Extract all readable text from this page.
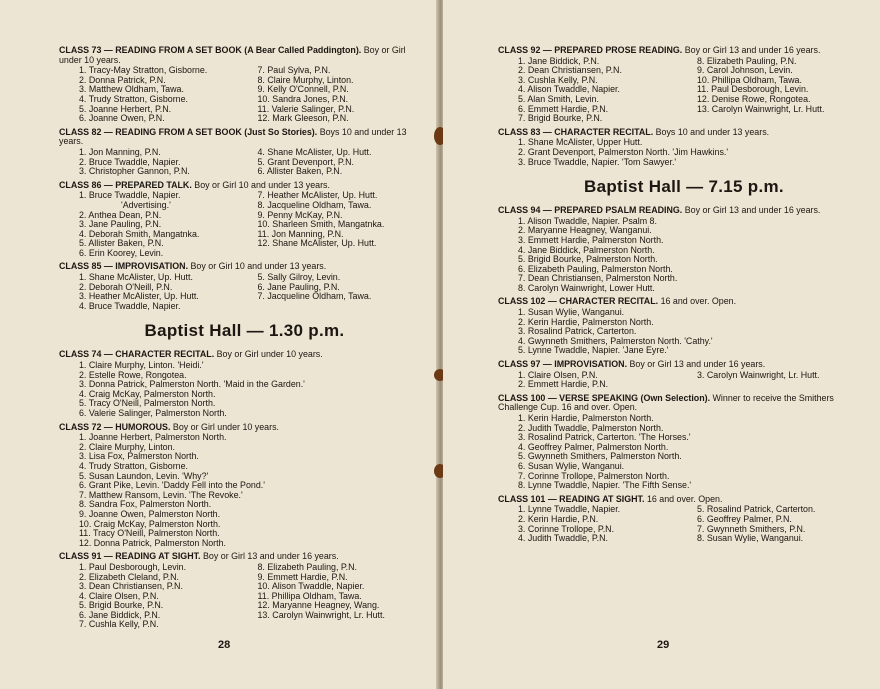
CLASS 73 — READING FROM A SET BOOK (A Bear Called Paddington). Boy or Girl under 10 years.
1. Tracy-May Stratton, Gisborne.
2. Donna Patrick, P.N.
3. Matthew Oldham, Tawa.
4. Trudy Stratton, Gisborne.
5. Joanne Herbert, P.N.
6. Joanne Owen, P.N.
7. Paul Sylva, P.N.
8. Claire Murphy, Linton.
9. Kelly O'Connell, P.N.
10. Sandra Jones, P.N.
11. Valerie Salinger, P.N.
12. Mark Gleeson, P.N.
CLASS 82 — READING FROM A SET BOOK (Just So Stories). Boys 10 and under 13 years.
1. Jon Manning, P.N.
2. Bruce Twaddle, Napier.
3. Christopher Gannon, P.N.
4. Shane McAlister, Up. Hutt.
5. Grant Devenport, P.N.
6. Allister Baken, P.N.
CLASS 86 — PREPARED TALK. Boy or Girl 10 and under 13 years.
1. Bruce Twaddle, Napier.
'Advertising.'
2. Anthea Dean, P.N.
3. Jane Pauling, P.N.
4. Deborah Smith, Mangatnka.
5. Allister Baken, P.N.
6. Erin Koorey, Levin.
7. Heather McAlister, Up. Hutt.
8. Jacqueline Oldham, Tawa.
9. Penny McKay, P.N.
10. Sharleen Smith, Mangatnka.
11. Jon Manning, P.N.
12. Shane McAlister, Up. Hutt.
CLASS 85 — IMPROVISATION. Boy or Girl 10 and under 13 years.
1. Shane McAlister, Up. Hutt.
2. Deborah O'Neill, P.N.
3. Heather McAlister, Up. Hutt.
4. Bruce Twaddle, Napier.
5. Sally Gilroy, Levin.
6. Jane Pauling, P.N.
7. Jacqueline Oldham, Tawa.
Baptist Hall — 1.30 p.m.
CLASS 74 — CHARACTER RECITAL. Boy or Girl under 10 years.
1. Claire Murphy, Linton. 'Heidi.'
2. Estelle Rowe, Rongotea.
3. Donna Patrick, Palmerston North. 'Maid in the Garden.'
4. Craig McKay, Palmerston North.
5. Tracy O'Neill, Palmerston North.
6. Valerie Salinger, Palmerston North.
CLASS 72 — HUMOROUS. Boy or Girl under 10 years.
1. Joanne Herbert, Palmerston North.
2. Claire Murphy, Linton.
3. Lisa Fox, Palmerston North.
4. Trudy Stratton, Gisborne.
5. Susan Laundon, Levin. 'Why?'
6. Grant Pike, Levin. 'Daddy Fell into the Pond.'
7. Matthew Ransom, Levin. 'The Revoke.'
8. Sandra Fox, Palmerston North.
9. Joanne Owen, Palmerston North.
10. Craig McKay, Palmerston North.
11. Tracy O'Neill, Palmerston North.
12. Donna Patrick, Palmerston North.
CLASS 91 — READING AT SIGHT. Boy or Girl 13 and under 16 years.
1. Paul Desborough, Levin.
2. Elizabeth Cleland, P.N.
3. Dean Christiansen, P.N.
4. Claire Olsen, P.N.
5. Brigid Bourke, P.N.
6. Jane Biddick, P.N.
7. Cushla Kelly, P.N.
8. Elizabeth Pauling, P.N.
9. Emmett Hardie, P.N.
10. Alison Twaddle, Napier.
11. Phillipa Oldham, Tawa.
12. Maryanne Heagney, Wang.
13. Carolyn Wainwright, Lr. Hutt.
28
CLASS 92 — PREPARED PROSE READING. Boy or Girl 13 and under 16 years.
1. Jane Biddick, P.N.
2. Dean Christiansen, P.N.
3. Cushla Kelly, P.N.
4. Alison Twaddle, Napier.
5. Alan Smith, Levin.
6. Emmett Hardie, P.N.
7. Brigid Bourke, P.N.
8. Elizabeth Pauling, P.N.
9. Carol Johnson, Levin.
10. Phillipa Oldham, Tawa.
11. Paul Desborough, Levin.
12. Denise Rowe, Rongotea.
13. Carolyn Wainwright, Lr. Hutt.
CLASS 83 — CHARACTER RECITAL. Boys 10 and under 13 years.
1. Shane McAlister, Upper Hutt.
2. Grant Devenport, Palmerston North. 'Jim Hawkins.'
3. Bruce Twaddle, Napier. 'Tom Sawyer.'
Baptist Hall — 7.15 p.m.
CLASS 94 — PREPARED PSALM READING. Boy or Girl 13 and under 16 years.
1. Alison Twaddle, Napier. Psalm 8.
2. Maryanne Heagney, Wanganui.
3. Emmett Hardie, Palmerston North.
4. Jane Biddick, Palmerston North.
5. Brigid Bourke, Palmerston North.
6. Elizabeth Pauling, Palmerston North.
7. Dean Christiansen, Palmerston North.
8. Carolyn Wainwright, Lower Hutt.
CLASS 102 — CHARACTER RECITAL. 16 and over. Open.
1. Susan Wylie, Wanganui.
2. Kerin Hardie, Palmerston North.
3. Rosalind Patrick, Carterton.
4. Gwynneth Smithers, Palmerston North. 'Cathy.'
5. Lynne Twaddle, Napier. 'Jane Eyre.'
CLASS 97 — IMPROVISATION. Boy or Girl 13 and under 16 years.
1. Claire Olsen, P.N.
2. Emmett Hardie, P.N.
3. Carolyn Wainwright, Lr. Hutt.
CLASS 100 — VERSE SPEAKING (Own Selection). Winner to receive the Smithers Challenge Cup. 16 and over. Open.
1. Kerin Hardie, Palmerston North.
2. Judith Twaddle, Palmerston North.
3. Rosalind Patrick, Carterton. 'The Horses.'
4. Geoffrey Palmer, Palmerston North.
5. Gwynneth Smithers, Palmerston North.
6. Susan Wylie, Wanganui.
7. Corinne Trollope, Palmerston North.
8. Lynne Twaddle, Napier. 'The Fifth Sense.'
CLASS 101 — READING AT SIGHT. 16 and over. Open.
1. Lynne Twaddle, Napier.
2. Kerin Hardie, P.N.
3. Corinne Trollope, P.N.
4. Judith Twaddle, P.N.
5. Rosalind Patrick, Carterton.
6. Geoffrey Palmer, P.N.
7. Gwynneth Smithers, P.N.
8. Susan Wylie, Wanganui.
29
